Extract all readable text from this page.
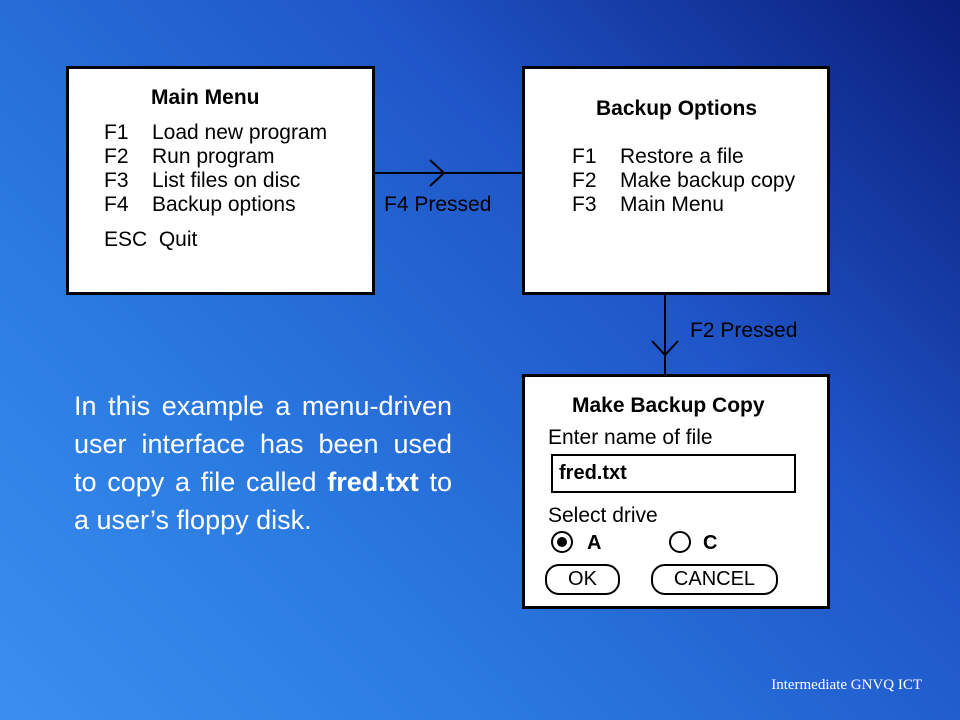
Main Menu
F1 Load new program
F2 Run program
F3 List files on disc
F4 Backup options
ESC  Quit
F4 Pressed
Backup Options
F1 Restore a file
F2 Make backup copy
F3 Main Menu
F2 Pressed
Make Backup Copy
Enter name of file
fred.txt
Select drive
A	C
OK	CANCEL
In this example a menu-driven user interface has been used to copy a file called fred.txt to a user’s floppy disk.
Intermediate GNVQ ICT
